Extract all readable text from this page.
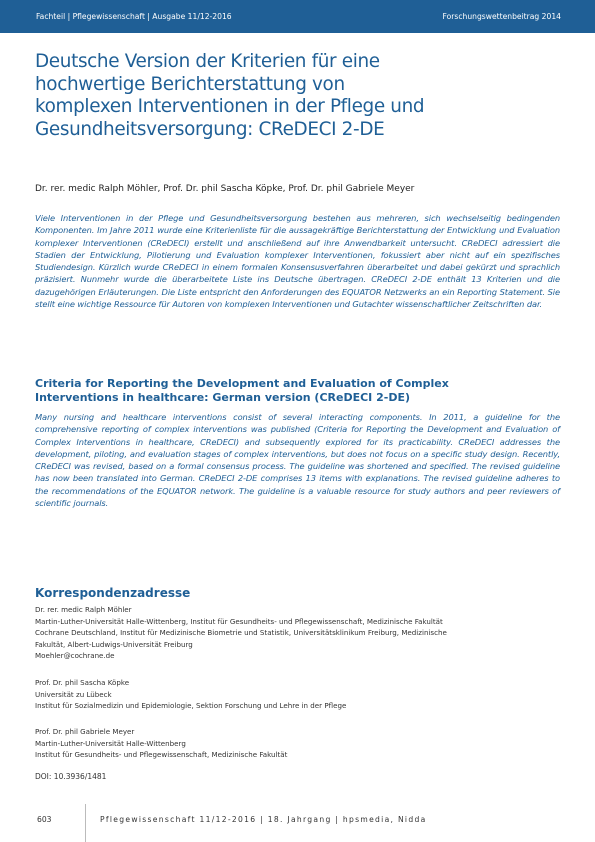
Fachteil | Pflegewissenschaft | Ausgabe 11/12-2016	Forschungswettenbeitrag 2014
Deutsche Version der Kriterien für eine
hochwertige Berichterstattung von
komplexen Interventionen in der Pflege und
Gesundheitsversorgung: CReDECI 2-DE
Dr. rer. medic Ralph Möhler, Prof. Dr. phil Sascha Köpke, Prof. Dr. phil Gabriele Meyer

Viele Interventionen in der Pflege und Gesundheitsversorgung bestehen aus mehreren, sich wechselseitig bedingenden Komponenten. Im Jahre 2011 wurde eine Kriterienliste für die aussagekräftige Berichterstattung der Entwicklung und Evaluation komplexer Interventionen (CReDECI) erstellt und anschließend auf ihre Anwendbarkeit untersucht. CReDECI adressiert die Stadien der Entwicklung, Pilotierung und Evaluation komplexer Interventionen, fokussiert aber nicht auf ein spezifisches Studiendesign. Kürzlich wurde CReDECI in einem formalen Konsensusverfahren überarbeitet und dabei gekürzt und sprachlich präzisiert. Nunmehr wurde die überarbeitete Liste ins Deutsche übertragen. CReDECI 2-DE enthält 13 Kriterien und die dazugehörigen Erläuterungen. Die Liste entspricht den Anforderungen des EQUATOR Netzwerks an ein Reporting Statement. Sie stellt eine wichtige Ressource für Autoren von komplexen Interventionen und Gutachter wissenschaftlicher Zeitschriften dar.

Criteria for Reporting the Development and Evaluation of Complex
Interventions in healthcare: German version (CReDECI 2-DE)

Many nursing and healthcare interventions consist of several interacting components. In 2011, a guideline for the comprehensive reporting of complex interventions was published (Criteria for Reporting the Development and Evaluation of Complex Interventions in healthcare, CReDECI) and subsequently explored for its practicability. CReDECI addresses the development, piloting, and evaluation stages of complex interventions, but does not focus on a specific study design. Recently, CReDECI was revised, based on a formal consensus process. The guideline was shortened and specified. The revised guideline has now been translated into German. CReDECI 2-DE comprises 13 items with explanations. The revised guideline adheres to the recommendations of the EQUATOR network. The guideline is a valuable resource for study authors and peer reviewers of scientific journals.

Korrespondenzadresse
Dr. rer. medic Ralph Möhler
Martin-Luther-Universität Halle-Wittenberg, Institut für Gesundheits- und Pflegewissenschaft, Medizinische Fakultät
Cochrane Deutschland, Institut für Medizinische Biometrie und Statistik, Universitätsklinikum Freiburg, Medizinische
Fakultät, Albert-Ludwigs-Universität Freiburg
Moehler@cochrane.de
Prof. Dr. phil Sascha Köpke
Universität zu Lübeck
Institut für Sozialmedizin und Epidemiologie, Sektion Forschung und Lehre in der Pflege
Prof. Dr. phil Gabriele Meyer
Martin-Luther-Universität Halle-Wittenberg
Institut für Gesundheits- und Pflegewissenschaft, Medizinische Fakultät
DOI: 10.3936/1481
603	Pflegewissenschaft 11/12-2016 | 18. Jahrgang | hpsmedia, Nidda
